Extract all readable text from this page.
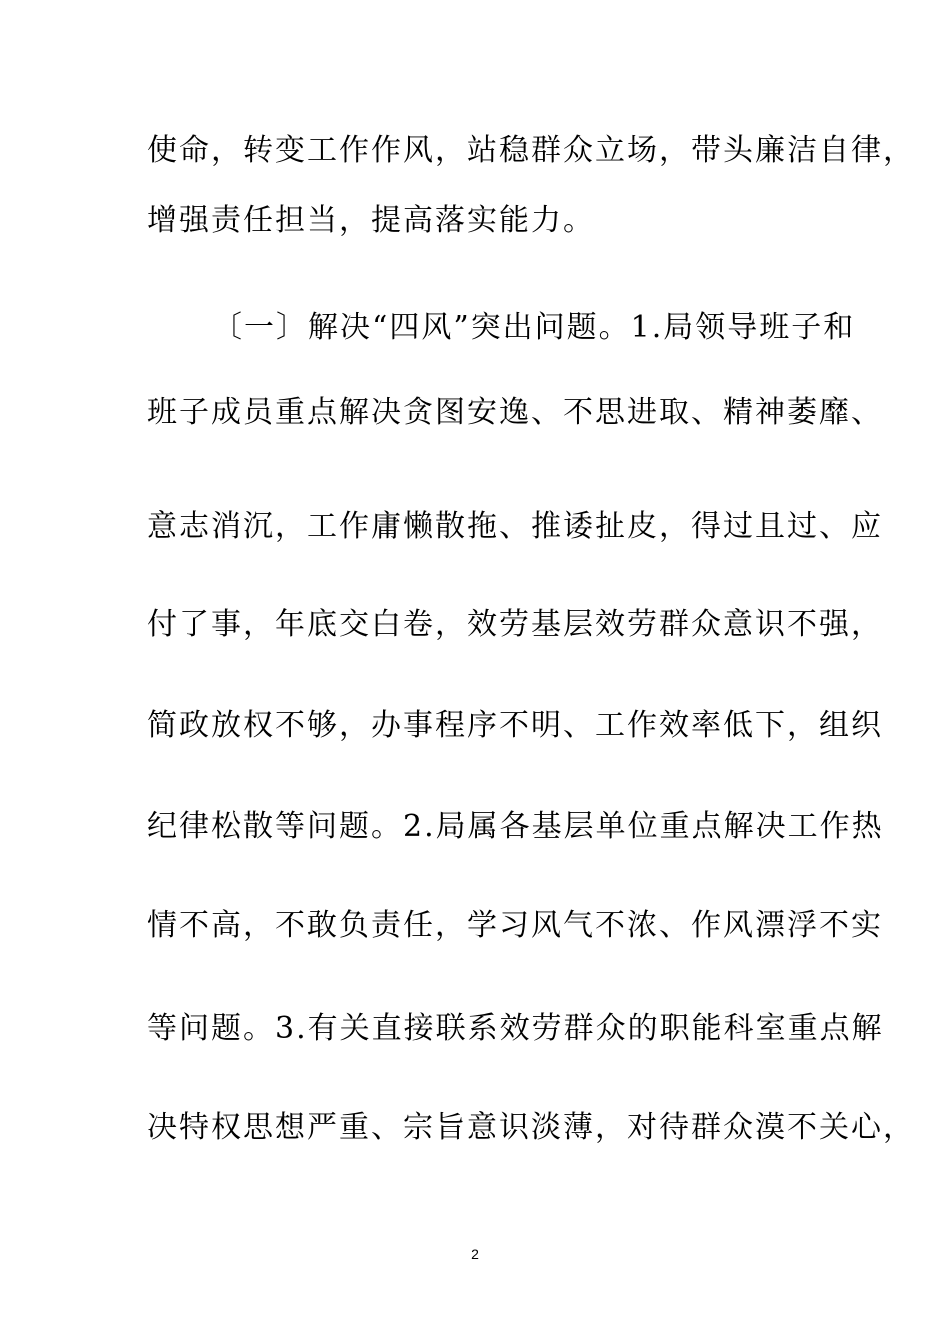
使命，转变工作作风，站稳群众立场，带头廉洁自律，
增强责任担当，提高落实能力。
〔一〕解决“四风”突出问题。1.局领导班子和
班子成员重点解决贪图安逸、不思进取、精神萎靡、
意志消沉，工作庸懒散拖、推诿扯皮，得过且过、应
付了事，年底交白卷，效劳基层效劳群众意识不强，
简政放权不够，办事程序不明、工作效率低下，组织
纪律松散等问题。2.局属各基层单位重点解决工作热
情不高，不敢负责任，学习风气不浓、作风漂浮不实
等问题。3.有关直接联系效劳群众的职能科室重点解
决特权思想严重、宗旨意识淡薄，对待群众漠不关心，
2
